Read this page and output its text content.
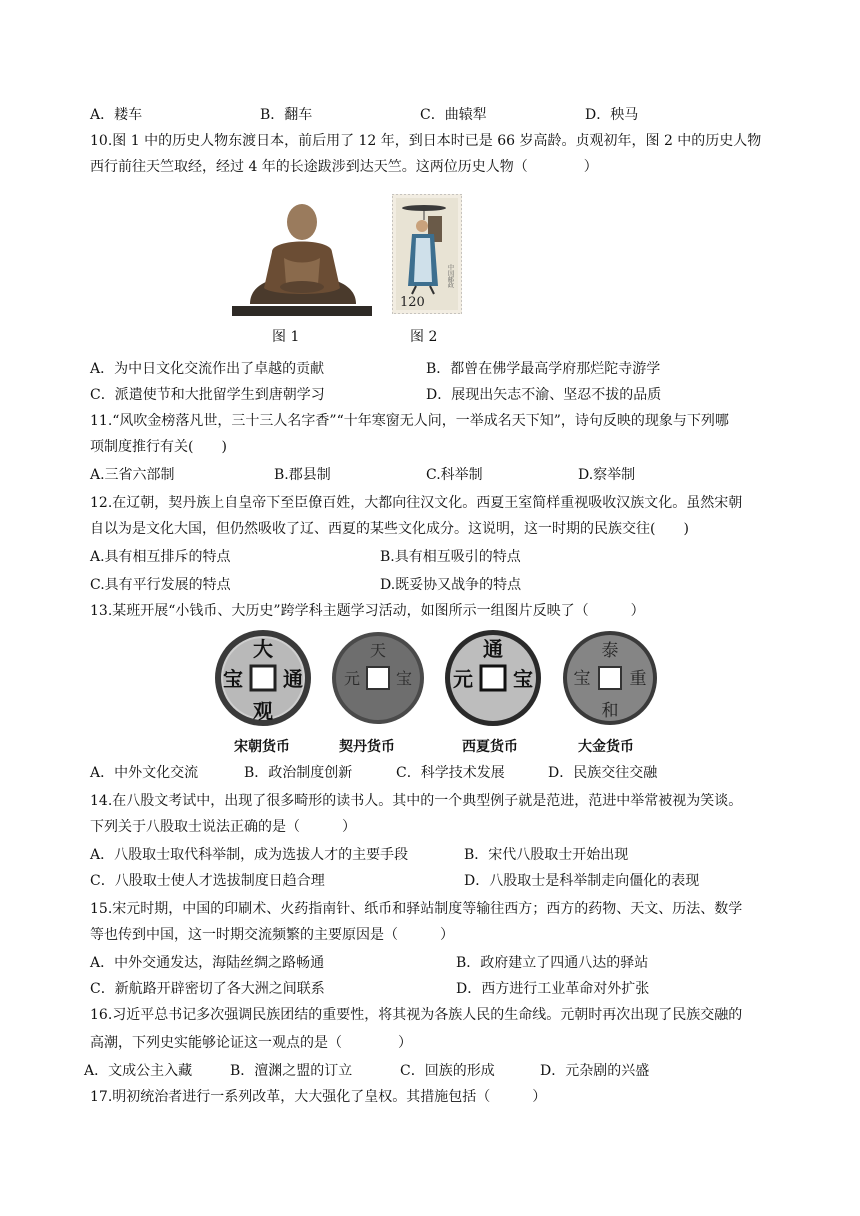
A．耧车	B．翻车	C．曲辕犁	D．秧马
10.图 1 中的历史人物东渡日本，前后用了 12 年，到日本时已是 66 岁高龄。贞观初年，图 2 中的历史人物
西行前往天竺取经，经过 4 年的长途跋涉到达天竺。这两位历史人物（　　　　）
图 1
120
中国邮政
图 2
A．为中日文化交流作出了卓越的贡献	B．都曾在佛学最高学府那烂陀寺游学
C．派遣使节和大批留学生到唐朝学习	D．展现出矢志不渝、坚忍不拔的品质
11.“风吹金榜落凡世，三十三人名字香”“十年寒窗无人问，一举成名天下知”，诗句反映的现象与下列哪
项制度推行有关(　　)
A.三省六部制	B.郡县制	C.科举制	D.察举制
12.在辽朝，契丹族上自皇帝下至臣僚百姓，大都向往汉文化。西夏王室简样重视吸收汉族文化。虽然宋朝
自以为是文化大国，但仍然吸收了辽、西夏的某些文化成分。这说明，这一时期的民族交往(　　)
A.具有相互排斥的特点	B.具有相互吸引的特点
C.具有平行发展的特点	D.既妥协又战争的特点
13.某班开展“小钱币、大历史”跨学科主题学习活动，如图所示一组图片反映了（　　　）
大
通
观
宝
天
宝
元
通
宝
元
泰
重
和
宝
宋朝货币	契丹货币	西夏货币	大金货币
A．中外文化交流	B．政治制度创新	C．科学技术发展	D．民族交往交融
14.在八股文考试中，出现了很多畸形的读书人。其中的一个典型例子就是范进，范进中举常被视为笑谈。
下列关于八股取士说法正确的是（　　　）
A．八股取士取代科举制，成为选拔人才的主要手段	B．宋代八股取士开始出现
C．八股取士使人才选拔制度日趋合理	D．八股取士是科举制走向僵化的表现
15.宋元时期，中国的印刷术、火药指南针、纸币和驿站制度等输往西方；西方的药物、天文、历法、数学
等也传到中国，这一时期交流频繁的主要原因是（　　　）
A．中外交通发达，海陆丝绸之路畅通	B．政府建立了四通八达的驿站
C．新航路开辟密切了各大洲之间联系	D．西方进行工业革命对外扩张
16.习近平总书记多次强调民族团结的重要性，将其视为各族人民的生命线。元朝时再次出现了民族交融的
高潮，下列史实能够论证这一观点的是（　　　　）
A．文成公主入藏	B．澶渊之盟的订立	C．回族的形成	D．元杂剧的兴盛
17.明初统治者进行一系列改革，大大强化了皇权。其措施包括（　　　）
